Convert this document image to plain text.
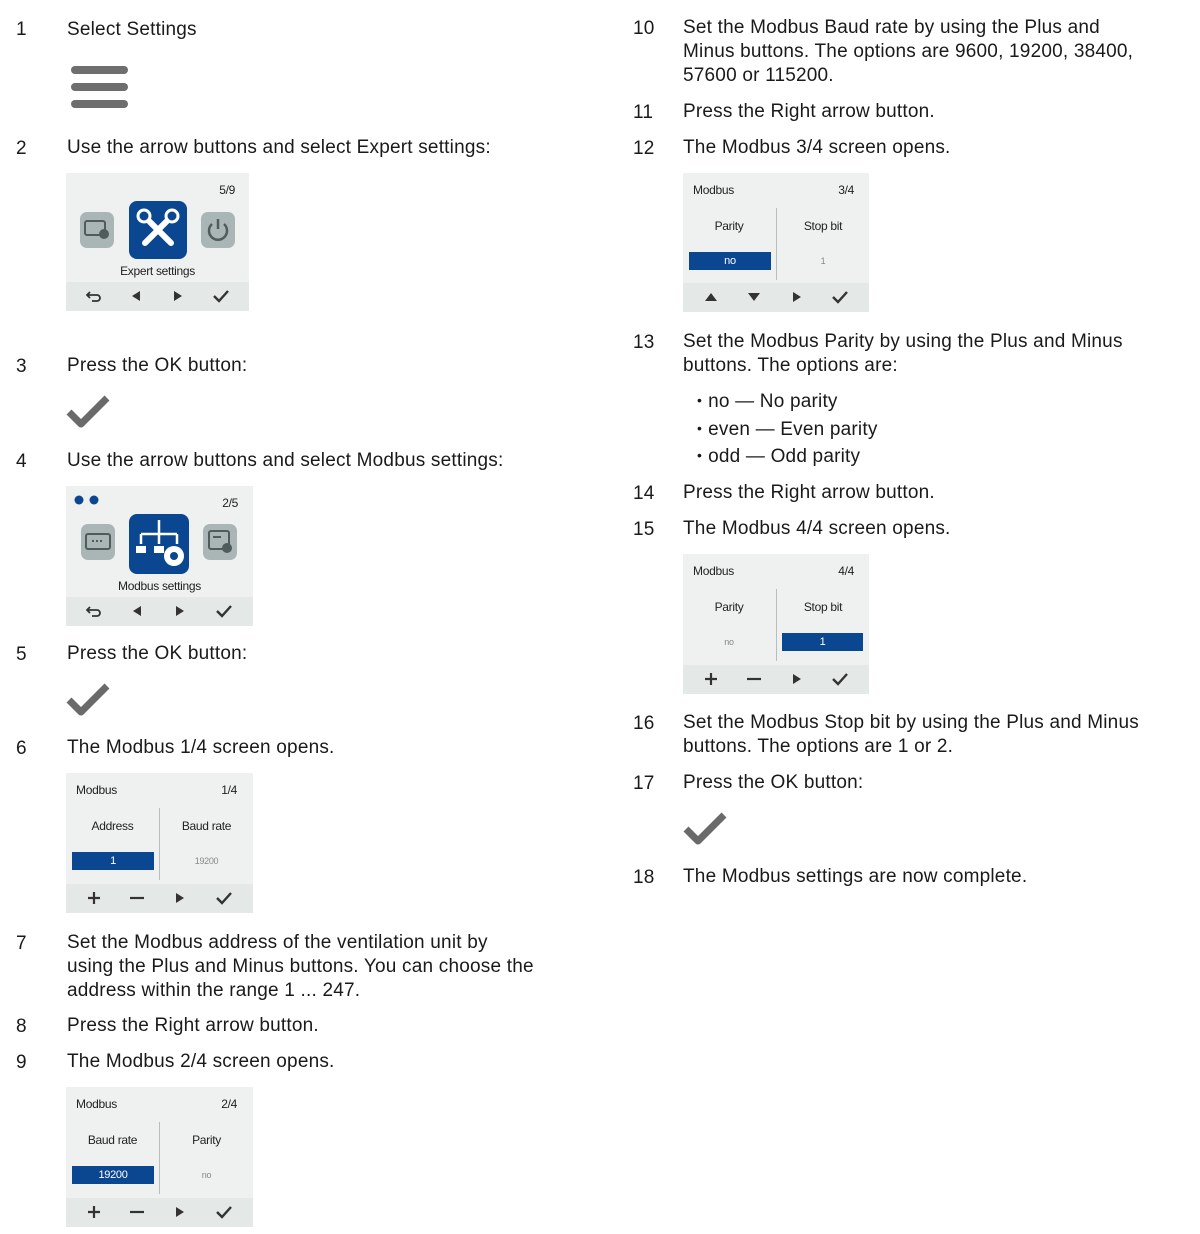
1 Select Settings
2 Use the arrow buttons and select Expert settings:
5/9
Expert settings
3 Press the OK button:
4 Use the arrow buttons and select Modbus settings:
2/5
Modbus settings
5 Press the OK button:
6 The Modbus 1/4 screen opens.
Modbus	1/4
Address	Baud rate
1	19200
7 Set the Modbus address of the ventilation unit by
using the Plus and Minus buttons. You can choose the
address within the range 1 ... 247.
8 Press the Right arrow button.
9 The Modbus 2/4 screen opens.
Modbus	2/4
Baud rate	Parity
19200	no
10 Set the Modbus Baud rate by using the Plus and
Minus buttons. The options are 9600, 19200, 38400,
57600 or 115200.
11 Press the Right arrow button.
12 The Modbus 3/4 screen opens.
Modbus	3/4
Parity	Stop bit
no	1
13 Set the Modbus Parity by using the Plus and Minus
buttons. The options are:
• no — No parity
• even — Even parity
• odd — Odd parity
14 Press the Right arrow button.
15 The Modbus 4/4 screen opens.
Modbus	4/4
Parity	Stop bit
no	1
16 Set the Modbus Stop bit by using the Plus and Minus
buttons. The options are 1 or 2.
17 Press the OK button:
18 The Modbus settings are now complete.
